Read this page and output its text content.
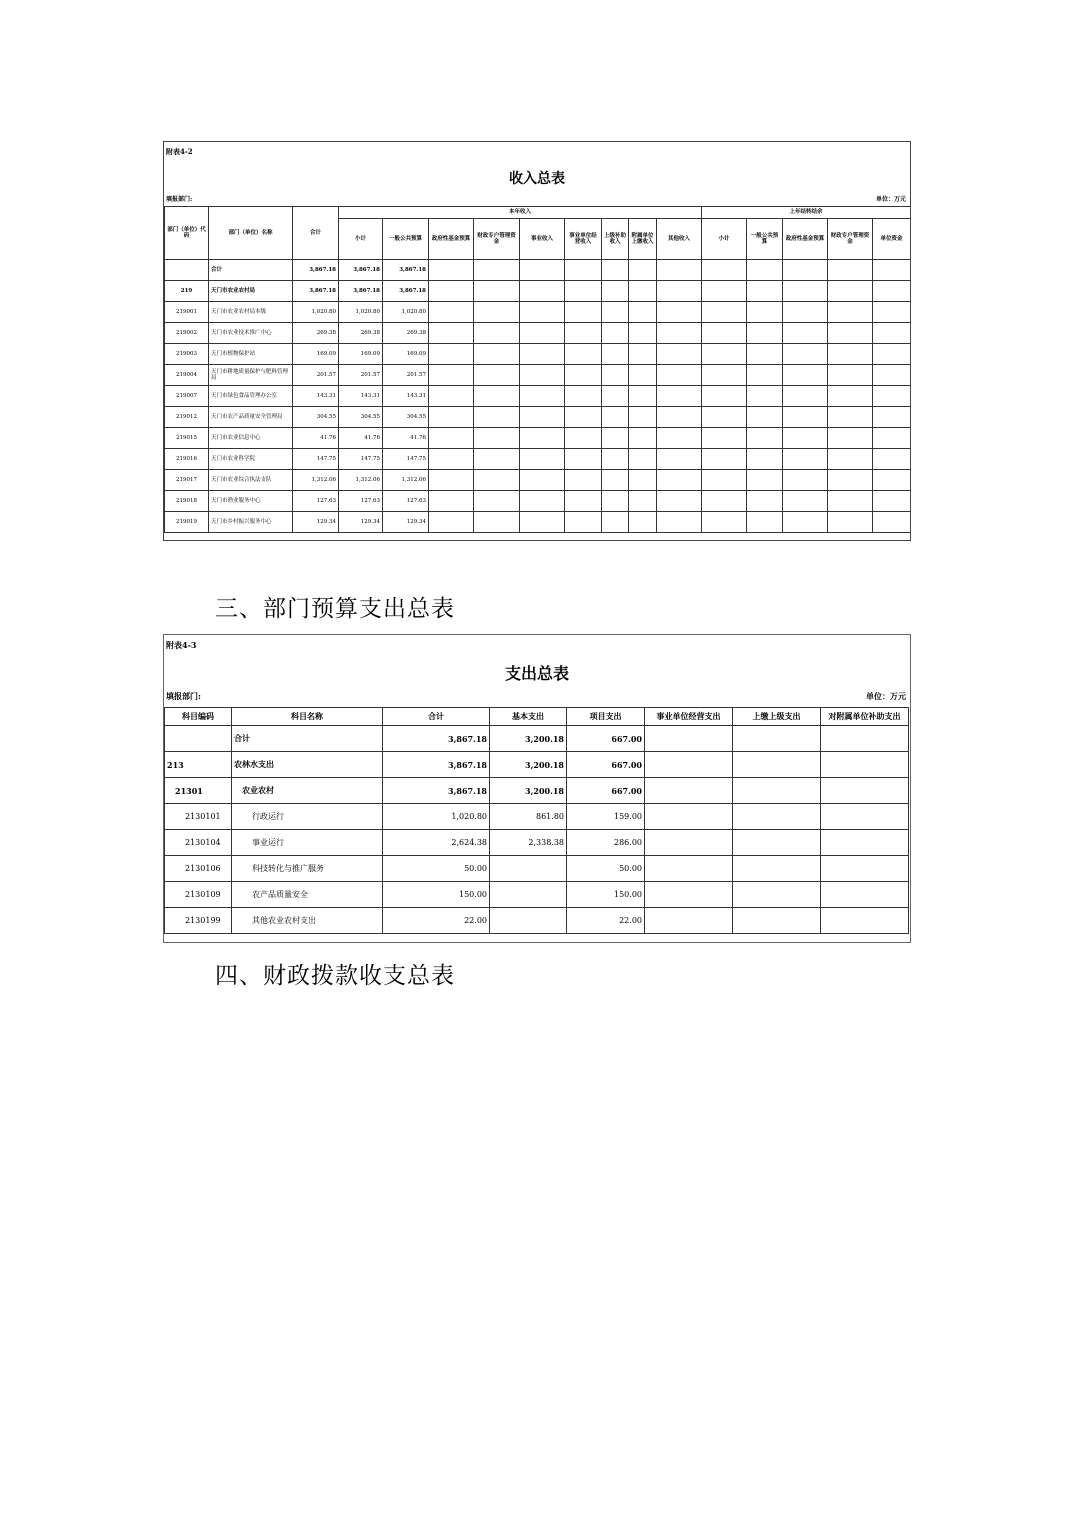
附表4-2
收入总表
填报部门:	单位：万元
部门（单位）代码	部门（单位）名称	合计	本年收入									上年结转结余				
			小计	一般公共预算	政府性基金预算	财政专户管理资金	事业收入	事业单位经营收入	上级补助收入	附属单位上缴收入	其他收入	小计	一般公共预算	政府性基金预算	财政专户管理资金	单位资金
	合计	3,867.18	3,867.18	3,867.18												
219	天门市农业农村局	3,867.18	3,867.18	3,867.18												
219001	天门市农业农村局本级	1,020.80	1,020.80	1,020.80												
219002	天门市农业技术推广中心	269.38	269.38	269.38												
219003	天门市植物保护站	169.09	169.09	169.09												
219004	天门市耕地质量保护与肥料管理局	201.57	201.57	201.57												
219007	天门市绿色食品管理办公室	143.31	143.31	143.31												
219012	天门市农产品质量安全管理局	304.55	304.55	304.55												
219015	天门市农业信息中心	41.76	41.76	41.76												
219016	天门市农业科学院	147.75	147.75	147.75												
219017	天门市农业综合执法支队	1,312.06	1,312.06	1,312.06												
219018	天门市渔业服务中心	127.63	127.63	127.63												
219019	天门市乡村振兴服务中心	129.34	129.34	129.34												
三、部门预算支出总表
附表4-3
支出总表
填报部门:	单位：万元
科目编码	科目名称	合计	基本支出	项目支出	事业单位经营支出	上缴上级支出	对附属单位补助支出
	合计	3,867.18	3,200.18	667.00			
213	农林水支出	3,867.18	3,200.18	667.00			
21301	农业农村	3,867.18	3,200.18	667.00			
2130101	行政运行	1,020.80	861.80	159.00			
2130104	事业运行	2,624.38	2,338.38	286.00			
2130106	科技转化与推广服务	50.00		50.00			
2130109	农产品质量安全	150.00		150.00			
2130199	其他农业农村支出	22.00		22.00			
四、财政拨款收支总表
